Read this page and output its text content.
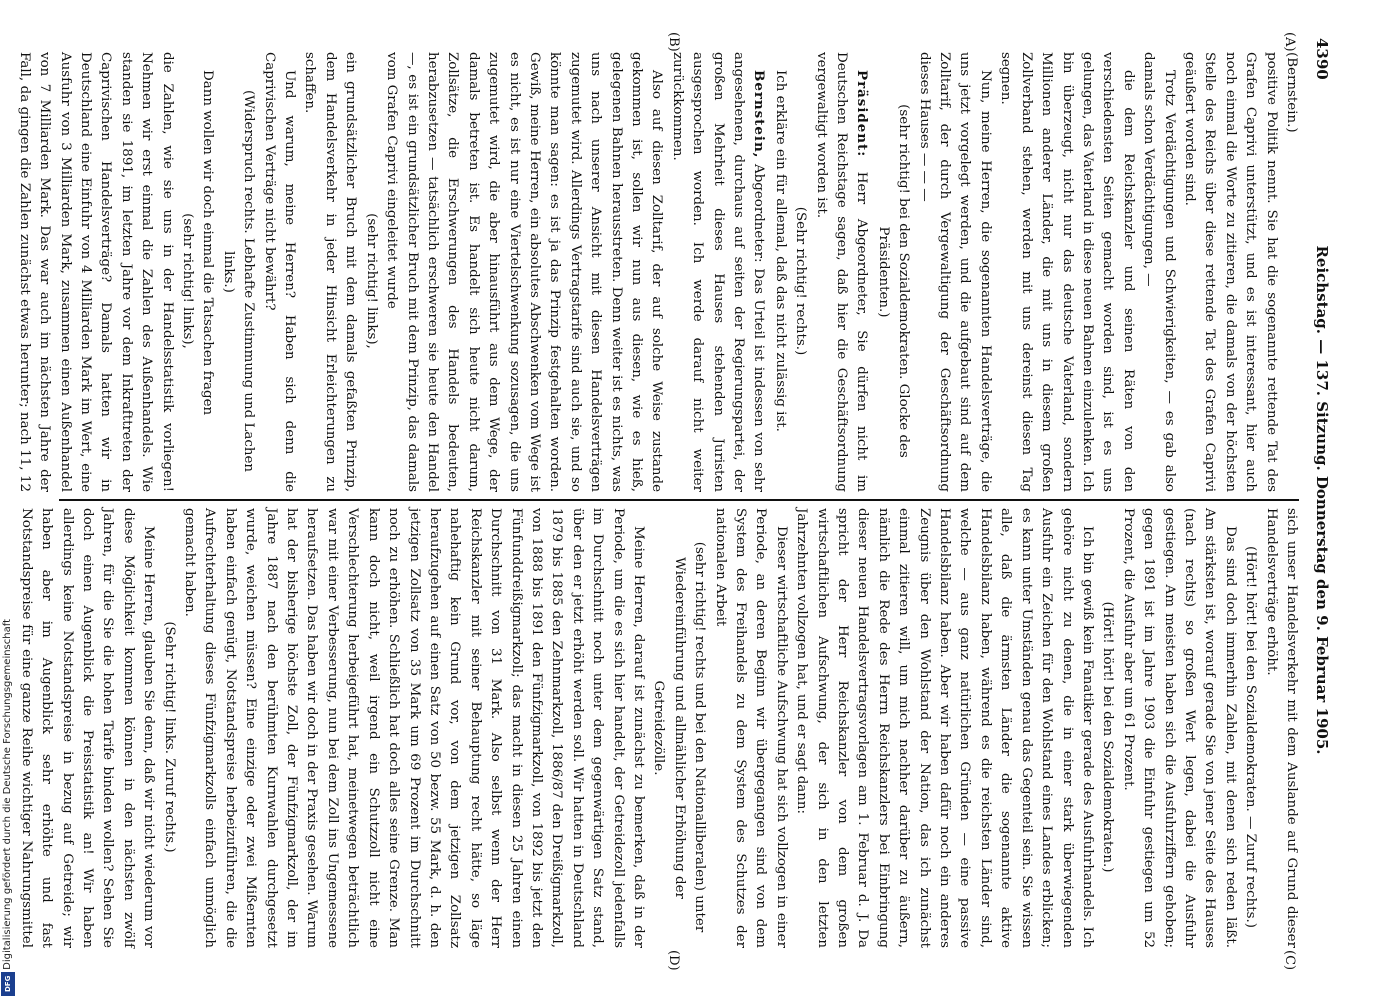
4390
Reichstag. — 137. Sitzung. Donnerstag den 9. Februar 1905.
(A)
(B)
(C)
(D)

(Bernstein.)

positive Politik nennt. Sie hat die sogenannte rettende Tat des Grafen Caprivi unterstützt, und es ist interessant, hier auch noch einmal die Worte zu zitieren, die damals von der höchsten Stelle des Reichs über diese rettende Tat des Grafen Caprivi geäußert worden sind.

Trotz Verdächtigungen und Schwierigkeiten, — es gab also damals schon Verdächtigungen, —

die dem Reichskanzler und seinen Räten von den verschiedensten Seiten gemacht worden sind, ist es uns gelungen, das Vaterland in diese neuen Bahnen einzulenken. Ich bin überzeugt, nicht nur das deutsche Vaterland, sondern Millionen anderer Länder, die mit uns in diesem großen Zollverband stehen, werden mit uns dereinst diesen Tag segnen.

Nun, meine Herren, die sogenannten Handelsverträge, die uns jetzt vorgelegt werden, und die aufgebaut sind auf dem Zolltarif, der durch Vergewaltigung der Geschäftsordnung dieses Hauses — — —

(sehr richtig! bei den Sozialdemokraten. Glocke des Präsidenten.)

Präsident: Herr Abgeordneter, Sie dürfen nicht im Deutschen Reichstage sagen, daß hier die Geschäftsordnung vergewaltigt worden ist.

(Sehr richtig! rechts.)

Ich erkläre ein für allemal, daß das nicht zulässig ist.

Bernstein, Abgeordneter: Das Urteil ist indessen von sehr angesehenen, durchaus auf seiten der Regierungspartei, der großen Mehrheit dieses Hauses stehenden Juristen ausgesprochen worden. Ich werde darauf nicht weiter zurückkommen.

Also auf diesen Zolltarif, der auf solche Weise zustande gekommen ist, sollen wir nun aus diesen, wie es hieß, gelegenen Bahnen herausstreten. Denn weiter ist es nichts, was uns nach unserer Ansicht mit diesen Handelsverträgen zugemutet wird. Allerdings Vertragstarife sind auch sie, und so könnte man sagen: es ist ja das Prinzip festgehalten worden. Gewiß, meine Herren, ein absolutes Abschwenken vom Wege ist es nicht, es ist nur eine Viertelschwenkung sozusagen, die uns zugemutet wird, die aber hinausführt aus dem Wege, der damals betreten ist. Es handelt sich heute nicht darum, Zollsätze, die Erschwerungen des Handels bedeuten, herabzusetzen — tatsächlich erschweren sie heute den Handel —, es ist ein grundsätzlicher Bruch mit dem Prinzip, das damals vom Grafen Caprivi eingeleitet wurde

(sehr richtig! links),

ein grundsätzlicher Bruch mit dem damals gefaßten Prinzip, dem Handelsverkehr in jeder Hinsicht Erleichterungen zu schaffen.

Und warum, meine Herren? Haben sich denn die Caprivischen Verträge nicht bewährt?

(Widerspruch rechts. Lebhafte Zustimmung und Lachen links.)

Dann wollen wir doch einmal die Tatsachen fragen

(sehr richtig! links),

die Zahlen, wie sie uns in der Handelsstatistik vorliegen! Nehmen wir erst einmal die Zahlen des Außenhandels. Wie standen sie 1891, im letzten Jahre vor dem Inkrafttreten der Caprivischen Handelsverträge? Damals hatten wir in Deutschland eine Einfuhr von 4 Milliarden Mark im Wert, eine Ausfuhr von 3 Milliarden Mark, zusammen einen Außenhandel von 7 Milliarden Mark. Das war auch im nächsten Jahre der Fall, da gingen die Zahlen zunächst etwas herunter; nach 11, 12

sich unser Handelsverkehr mit dem Auslande auf Grund dieser Handelsverträge erhöht.

(Hört! hört! bei den Sozialdemokraten. — Zuruf rechts.)

Das sind doch immerhin Zahlen, mit denen sich reden läßt. Am stärksten ist, worauf gerade Sie von jener Seite des Hauses (nach rechts) so großen Wert legen, dabei die Ausfuhr gestiegen. Am meisten haben sich die Ausfuhrziffern gehoben; gegen 1891 ist im Jahre 1903 die Einfuhr gestiegen um 52 Prozent, die Ausfuhr aber um 61 Prozent.

(Hört! hört! bei den Sozialdemokraten.)

Ich bin gewiß kein Fanatiker gerade des Ausfuhrhandels. Ich gehöre nicht zu denen, die in einer stark überwiegenden Ausfuhr ein Zeichen für den Wohlstand eines Landes erblicken; es kann unter Umständen genau das Gegenteil sein. Sie wissen alle, daß die ärmsten Länder die sogenannte aktive Handelsbilanz haben, während es die reichsten Länder sind, welche — aus ganz natürlichen Gründen — eine passive Handelsbilanz haben. Aber wir haben dafür noch ein anderes Zeugnis über den Wohlstand der Nation, das ich zunächst einmal zitieren will, um mich nachher darüber zu äußern, nämlich die Rede des Herrn Reichskanzlers bei Einbringung dieser neuen Handelsvertragsvorlagen am 1. Februar d. J. Da spricht der Herr Reichskanzler von dem großen wirtschaftlichen Aufschwung, der sich in den letzten Jahrzehnten vollzogen hat, und er sagt dann:

Dieser wirtschaftliche Aufschwung hat sich vollzogen in einer Periode, an deren Beginn wir übergegangen sind von dem System des Freihandels zu dem System des Schutzes der nationalen Arbeit

(sehr richtig! rechts und bei den Nationalliberalen) unter Wiedereinführung und allmählicher Erhöhung der Getreidezölle.

Meine Herren, darauf ist zunächst zu bemerken, daß in der Periode, um die es sich hier handelt, der Getreidezoll jedenfalls im Durchschnitt noch unter dem gegenwärtigen Satz stand, über den er jetzt erhöht werden soll. Wir hatten in Deutschland 1879 bis 1885 den Zehnmarkzoll, 1886/87 den Dreißigmarkzoll, von 1888 bis 1891 den Fünfzigmarkzoll, von 1892 bis jetzt den Fünfunddreißigmarkzoll; das macht in diesen 25 Jahren einen Durchschnitt von 31 Mark. Also selbst wenn der Herr Reichskanzler mit seiner Behauptung recht hätte, so läge nahehaftig kein Grund vor, von dem jetzigen Zollsatz heraufzugehen auf einen Satz von 50 bezw. 55 Mark, d. h. den jetzigen Zollsatz von 35 Mark um 69 Prozent im Durchschnitt noch zu erhöhen. Schließlich hat doch alles seine Grenze. Man kann doch nicht, weil irgend ein Schutzzoll nicht eine Verschlechterung herbeigeführt hat, meinetwegen beträchtlich war mit einer Verbesserung, nun bei dem Zoll ins Ungemessene heraufsetzen. Das haben wir doch in der Praxis gesehen. Warum hat der bisherige höchste Zoll, der Fünfzigmarkzoll, der im Jahre 1887 nach den berühmten Kurnwahlen durchgesetzt wurde, weichen müssen? Eine einzige oder zwei Mißernten haben einfach genügt, Notstandspreise herbeizuführen, die die Aufrechterhaltung dieses Fünfzigmarkzolls einfach unmöglich gemacht haben.

(Sehr richtig! links. Zuruf rechts.)

Meine Herren, glauben Sie denn, daß wir nicht wiederum vor diese Möglichkeit kommen können in den nächsten zwölf Jahren, für die Sie die hohen Tarife binden wollen? Sehen Sie doch einen Augenblick die Preisstatistik an! Wir haben allerdings keine Notstandspreise in bezug auf Getreide; wir haben aber im Augenblick sehr erhöhte und fast Notstandspreise für eine ganze Reihe wichtiger Nahrungsmittel

Digitalisierung gefördert durch die Deutsche Forschungsgemeinschaft
DFG
